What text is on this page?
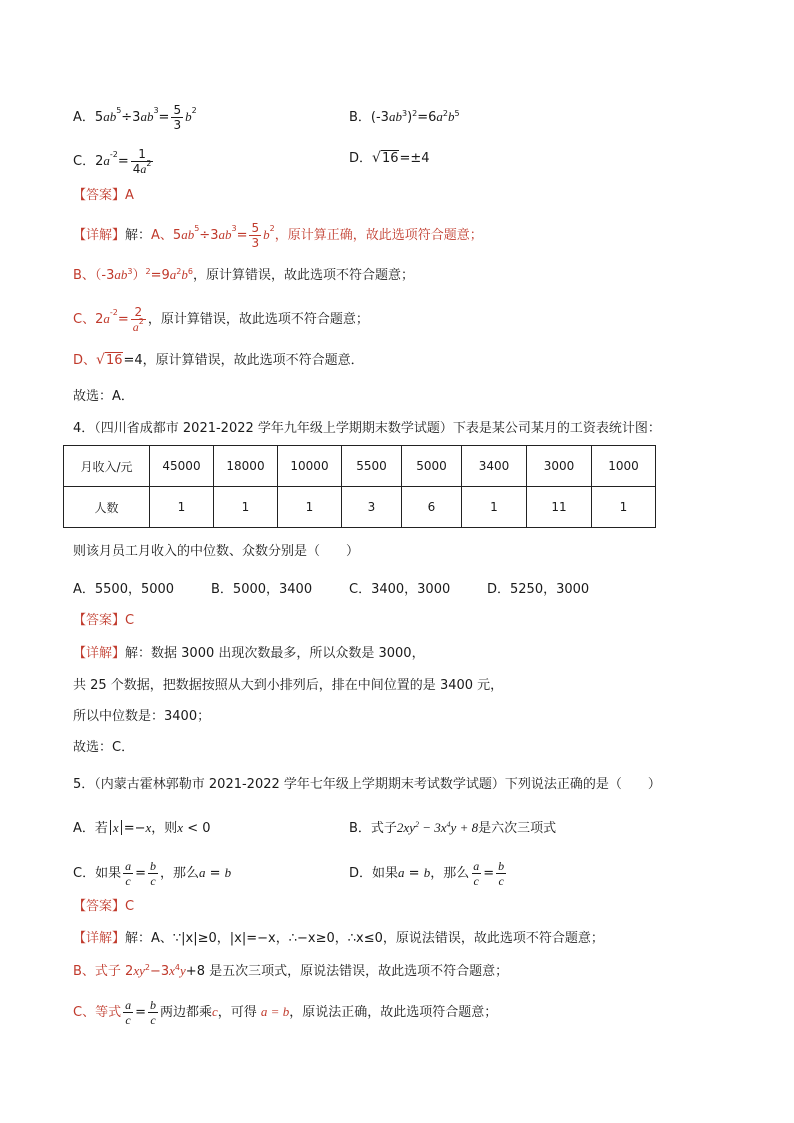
A．$5ab^5\div 3ab^3= \frac{5}{3} b^2$	B．$(-3ab^3)^2=6a^2b^5$
C．$2a^{-2}= \frac{1}{4a^2}$	D．√16=±4
【答案】A
【详解】解：A、$5ab^5\div 3ab^3= \frac{5}{3} b^2$，原计算正确，故此选项符合题意；
B、$(-3ab^3)^2=9a^2b^6$，原计算错误，故此选项不符合题意；
C、$2a^{-2}= \frac{2}{a^2}$ ，原计算错误，故此选项不符合题意；
D、√16=4，原计算错误，故此选项不符合题意．
故选：A．
4．（四川省成都市 2021-2022 学年九年级上学期期末数学试题）下表是某公司某月的工资表统计图：
月收入/元	45000	18000	10000	5500	5000	3400	3000	1000
人数	1	1	1	3	6	1	11	1
则该月员工月收入的中位数、众数分别是（　　）
A．5500，5000	B．5000，3400	C．3400，3000	D．5250，3000
【答案】C
【详解】解：数据 3000 出现次数最多，所以众数是 3000，
共 25 个数据，把数据按照从大到小排列后，排在中间位置的是 3400 元，
所以中位数是：3400；
故选：C．
5．（内蒙古霍林郭勒市 2021-2022 学年七年级上学期期末考试数学试题）下列说法正确的是（　　）
A．若 x =−x，则x < 0	B．式子$2xy^2 - 3x^4y + 8$是六次三项式
C．如果 $\frac{a}{c} = \frac{b}{c}$ ，那么a = b	D．如果a = b，那么 $\frac{a}{c} = \frac{b}{c}$
【答案】C
【详解】解：A、∵|x|≥0，|x|=−x，∴−x≥0，∴x≤0，原说法错误，故此选项不符合题意；
B、式子 $2xy^2-3x^4y+8$ 是五次三项式，原说法错误，故此选项不符合题意；
C、等式 $\frac{a}{c} = \frac{b}{c}$ 两边都乘c，可得 a = b，原说法正确，故此选项符合题意；
